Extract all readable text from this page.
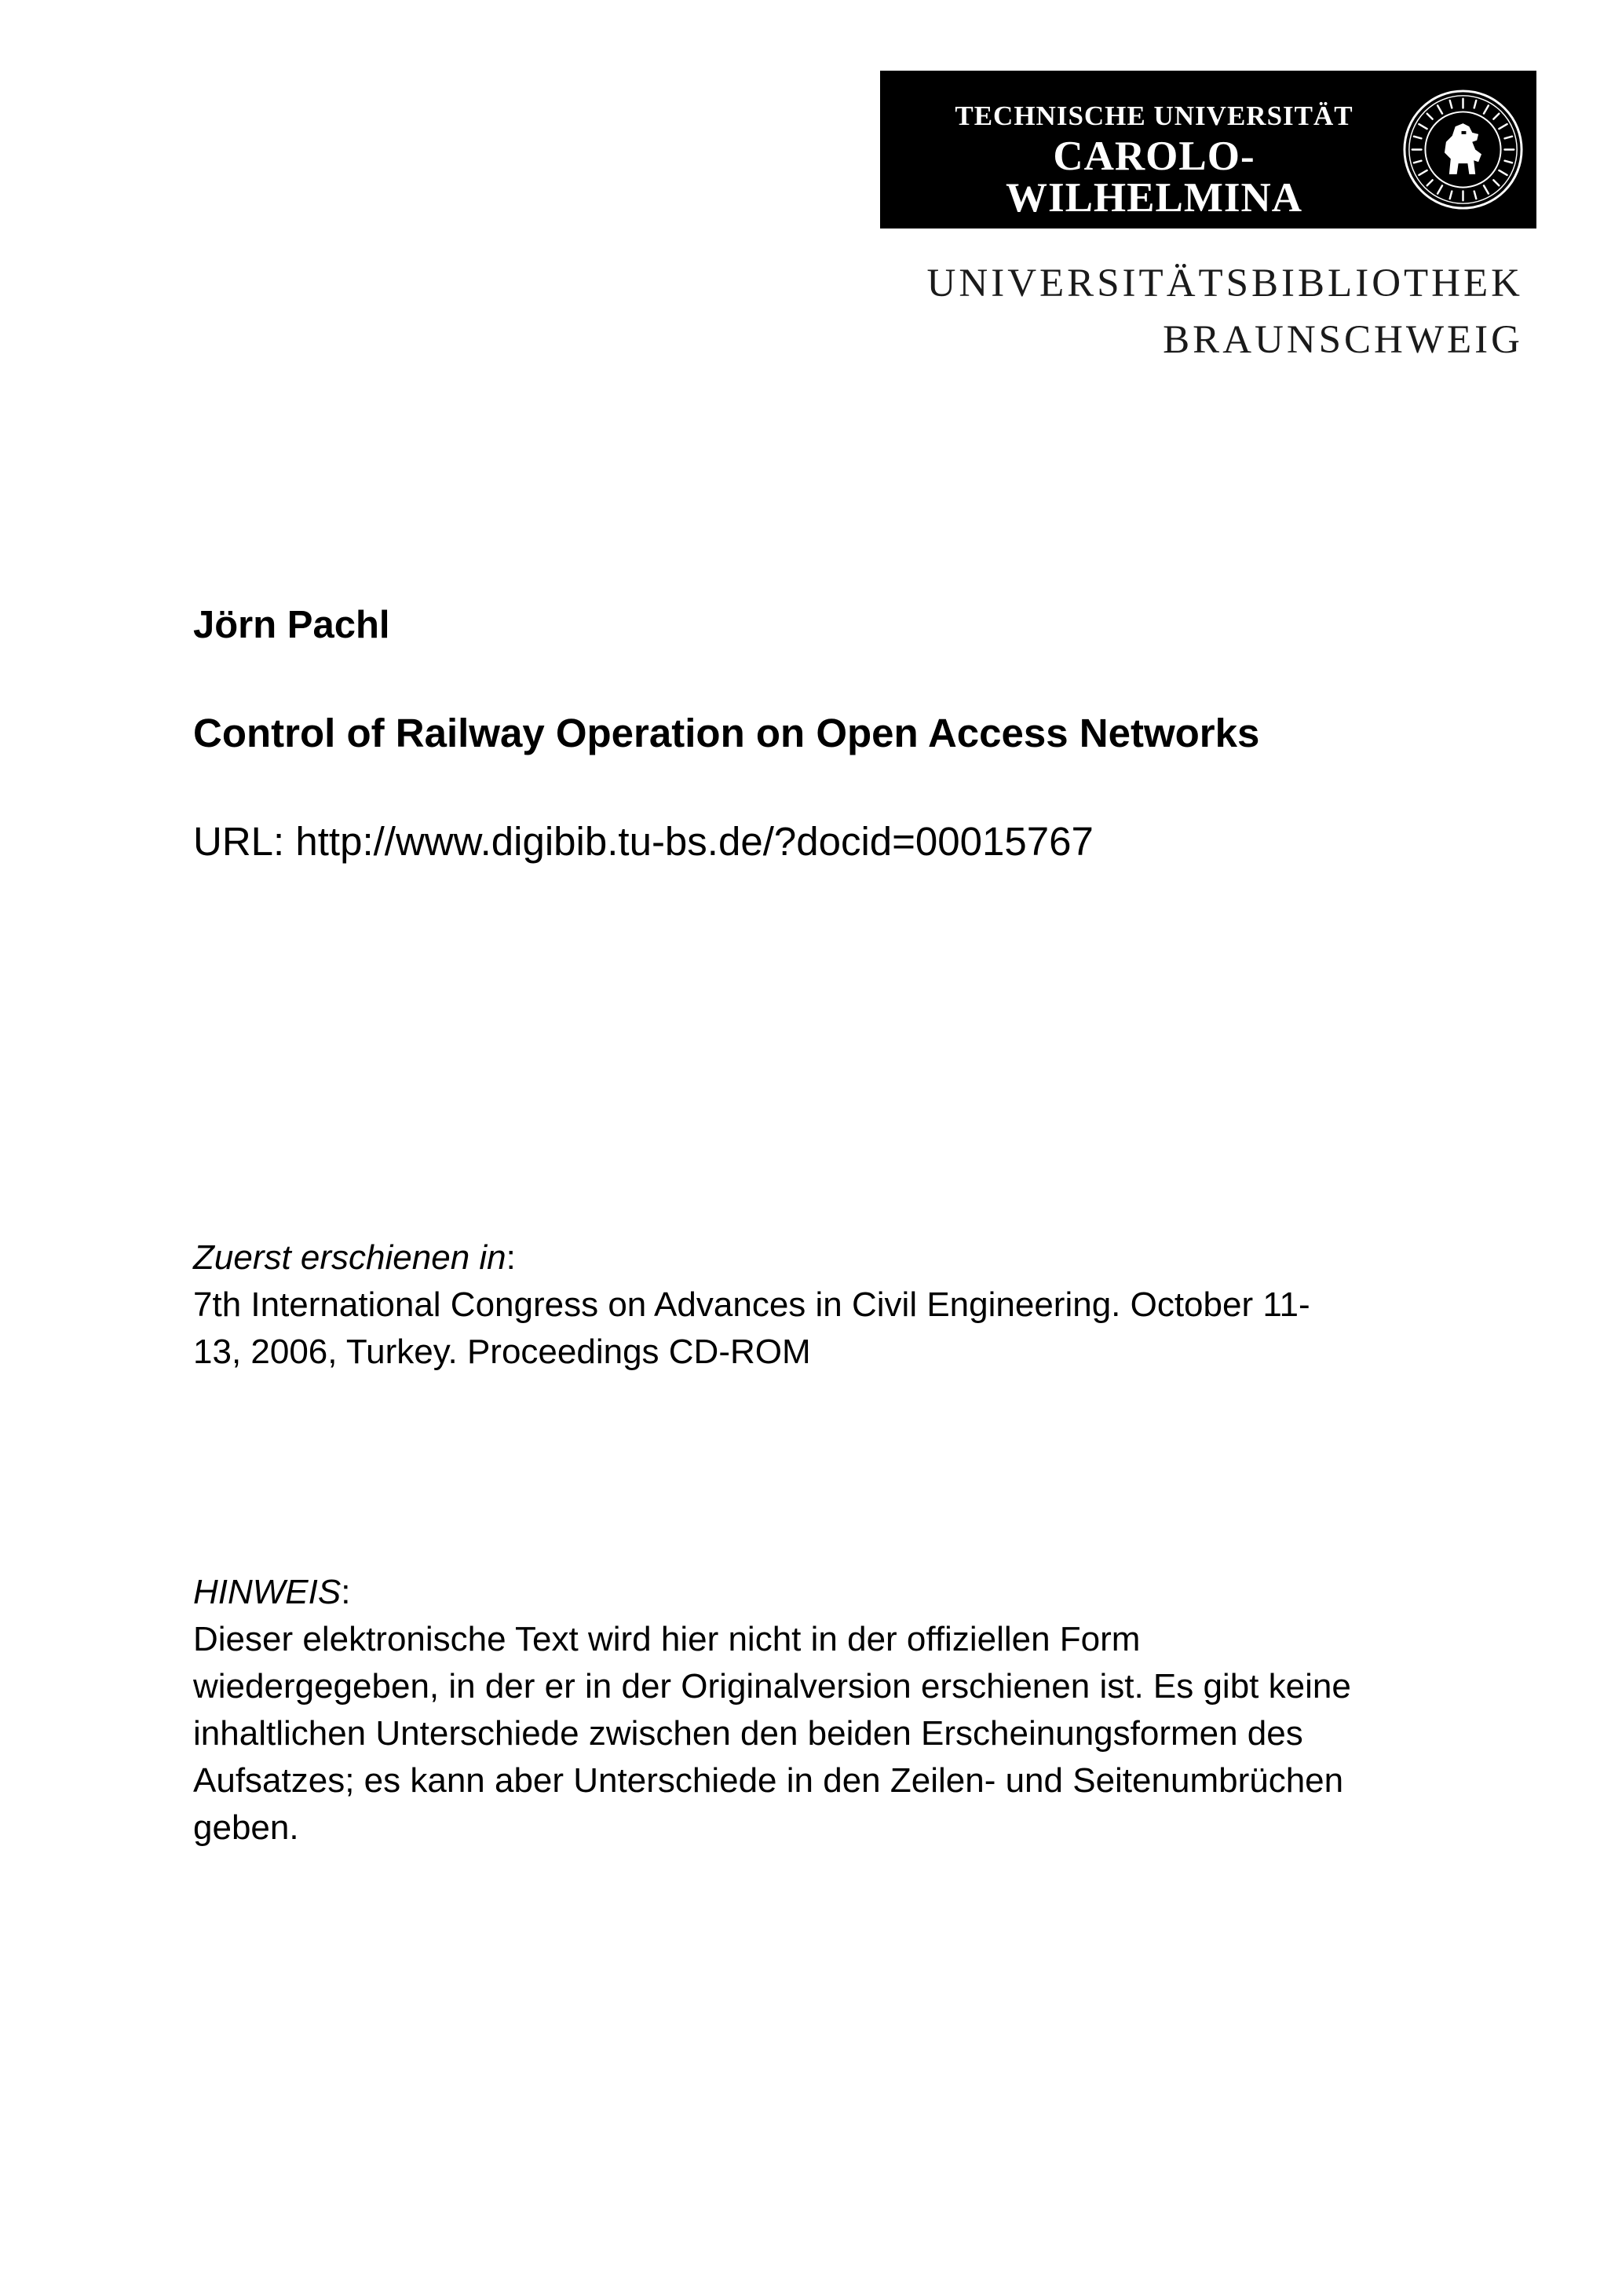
TECHNISCHE UNIVERSITÄT
CAROLO-WILHELMINA
ZU BRAUNSCHWEIG
UNIVERSITÄTSBIBLIOTHEK
BRAUNSCHWEIG
Jörn Pachl
Control of Railway Operation on Open Access Networks
URL: http://www.digibib.tu-bs.de/?docid=00015767
Zuerst erschienen in:
7th International Congress on Advances in Civil Engineering. October 11-
13, 2006, Turkey. Proceedings CD-ROM
HINWEIS:
Dieser elektronische Text wird hier nicht in der offiziellen Form
wiedergegeben, in der er in der Originalversion erschienen ist. Es gibt keine
inhaltlichen Unterschiede zwischen den beiden Erscheinungsformen des
Aufsatzes; es kann aber Unterschiede in den Zeilen- und Seitenumbrüchen
geben.
